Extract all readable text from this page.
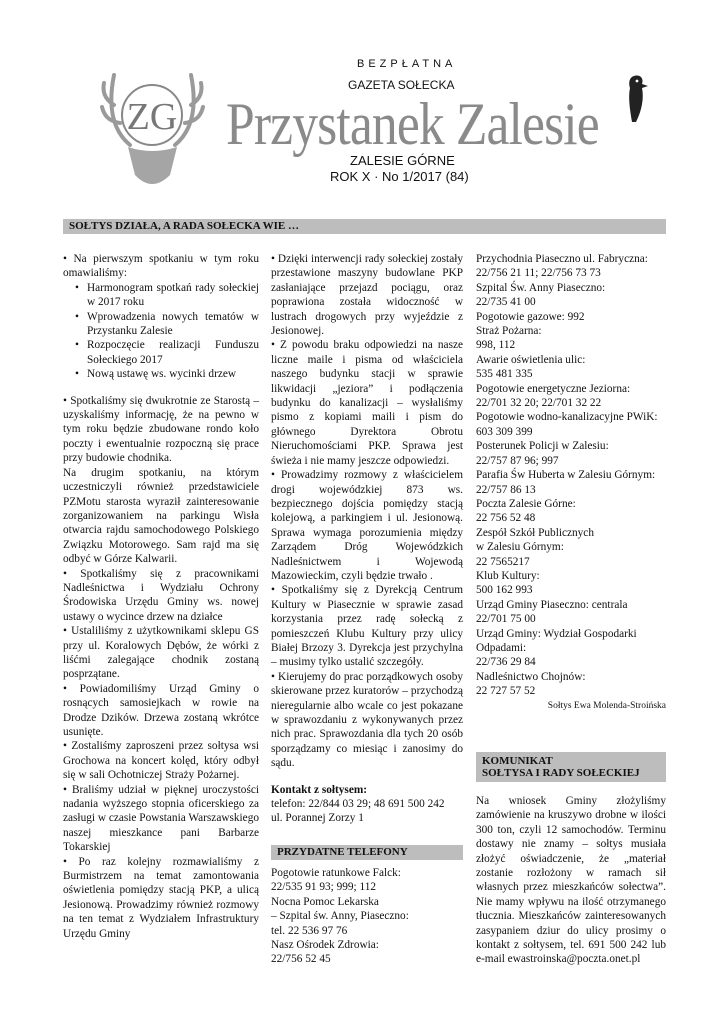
ZG
BEZPŁATNA
GAZETA SOŁECKA
Przystanek Zalesie
ZALESIE GÓRNE
ROK X · No 1/2017 (84)
SOŁTYS DZIAŁA, A RADA SOŁECKA WIE …

• Na pierwszym spotkaniu w tym roku omawialiśmy:

• Harmonogram spotkań rady sołeckiej w 2017 roku
• Wprowadzenia nowych tematów w Przystanku Zalesie
• Rozpoczęcie realizacji Funduszu Sołeckiego 2017
• Nową ustawę ws. wycinki drzew

• Spotkaliśmy się dwukrotnie ze Starostą – uzyskaliśmy informację, że na pewno w tym roku będzie zbudowane rondo koło poczty i ewentualnie rozpoczną się prace przy budowie chodnika.

Na drugim spotkaniu, na którym uczestniczyli również przedstawiciele PZMotu starosta wyraził zainteresowanie zorganizowaniem na parkingu Wisła otwarcia rajdu samochodowego Polskiego Związku Motorowego. Sam rajd ma się odbyć w Górze Kalwarii.

• Spotkaliśmy się z pracownikami Nadleśnictwa i Wydziału Ochrony Środowiska Urzędu Gminy ws. nowej ustawy o wycince drzew na działce

• Ustaliliśmy z użytkownikami sklepu GS przy ul. Koralowych Dębów, że wórki z liśćmi zalegające chodnik zostaną posprzątane.

• Powiadomiliśmy Urząd Gminy o rosnących samosiejkach w rowie na Drodze Dzików. Drzewa zostaną wkrótce usunięte.

• Zostaliśmy zaproszeni przez sołtysa wsi Grochowa na koncert kolęd, który odbył się w sali Ochotniczej Straży Pożarnej.

• Braliśmy udział w pięknej uroczystości nadania wyższego stopnia oficerskiego za zasługi w czasie Powstania Warszawskiego naszej mieszkance pani Barbarze Tokarskiej

• Po raz kolejny rozmawialiśmy z Burmistrzem na temat zamontowania oświetlenia pomiędzy stacją PKP, a ulicą Jesionową. Prowadzimy również rozmowy na ten temat z Wydziałem Infrastruktury Urzędu Gminy

• Dzięki interwencji rady sołeckiej zostały przestawione maszyny budowlane PKP zasłaniające przejazd pociągu, oraz poprawiona została widoczność w lustrach drogowych przy wyjeździe z Jesionowej.

• Z powodu braku odpowiedzi na nasze liczne maile i pisma od właściciela naszego budynku stacji w sprawie likwidacji „jeziora” i podłączenia budynku do kanalizacji – wysłaliśmy pismo z kopiami maili i pism do głównego Dyrektora Obrotu Nieruchomościami PKP. Sprawa jest świeża i nie mamy jeszcze odpowiedzi.

• Prowadzimy rozmowy z właścicielem drogi wojewódzkiej 873 ws. bezpiecznego dojścia pomiędzy stacją kolejową, a parkingiem i ul. Jesionową. Sprawa wymaga porozumienia między Zarządem Dróg Wojewódzkich Nadleśnictwem i Wojewodą Mazowieckim, czyli będzie trwało .

• Spotkaliśmy się z Dyrekcją Centrum Kultury w Piasecznie w sprawie zasad korzystania przez radę sołecką z pomieszczeń Klubu Kultury przy ulicy Białej Brzozy 3. Dyrekcja jest przychylna – musimy tylko ustalić szczegóły.

• Kierujemy do prac porządkowych osoby skierowane przez kuratorów – przychodzą nieregularnie albo wcale co jest pokazane w sprawozdaniu z wykonywanych przez nich prac. Sprawozdania dla tych 20 osób sporządzamy co miesiąc i zanosimy do sądu.

Kontakt z sołtysem:

telefon: 22/844 03 29; 48 691 500 242

ul. Porannej Zorzy 1

PRZYDATNE TELEFONY
Pogotowie ratunkowe Falck:
22/535 91 93; 999; 112
Nocna Pomoc Lekarska
– Szpital św. Anny, Piaseczno:
tel. 22 536 97 76
Nasz Ośrodek Zdrowia:
22/756 52 45
Przychodnia Piaseczno ul. Fabryczna:
22/756 21 11; 22/756 73 73
Szpital Św. Anny Piaseczno:
22/735 41 00
Pogotowie gazowe: 992
Straż Pożarna:
998, 112
Awarie oświetlenia ulic:
535 481 335
Pogotowie energetyczne Jeziorna:
22/701 32 20; 22/701 32 22
Pogotowie wodno-kanalizacyjne PWiK:
603 309 399
Posterunek Policji w Zalesiu:
22/757 87 96; 997
Parafia Św Huberta w Zalesiu Górnym:
22/757 86 13
Poczta Zalesie Górne:
22 756 52 48
Zespół Szkół Publicznych
w Zalesiu Górnym:
22 7565217
Klub Kultury:
500 162 993
Urząd Gminy Piaseczno: centrala
22/701 75 00
Urząd Gminy: Wydział Gospodarki
Odpadami:
22/736 29 84
Nadleśnictwo Chojnów:
22 727 57 52
Sołtys Ewa Molenda-Stroińska
KOMUNIKAT
SOŁTYSA I RADY SOŁECKIEJ
Na wniosek Gminy złożyliśmy zamówienie na kruszywo drobne w ilości 300 ton, czyli 12 samochodów. Terminu dostawy nie znamy – sołtys musiała złożyć oświadczenie, że „materiał zostanie rozłożony w ramach sił własnych przez mieszkańców sołectwa”. Nie mamy wpływu na ilość otrzymanego tłucznia. Mieszkańców zainteresowanych zasypaniem dziur do ulicy prosimy o kontakt z sołtysem, tel. 691 500 242 lub e-mail ewastroinska@poczta.onet.pl
